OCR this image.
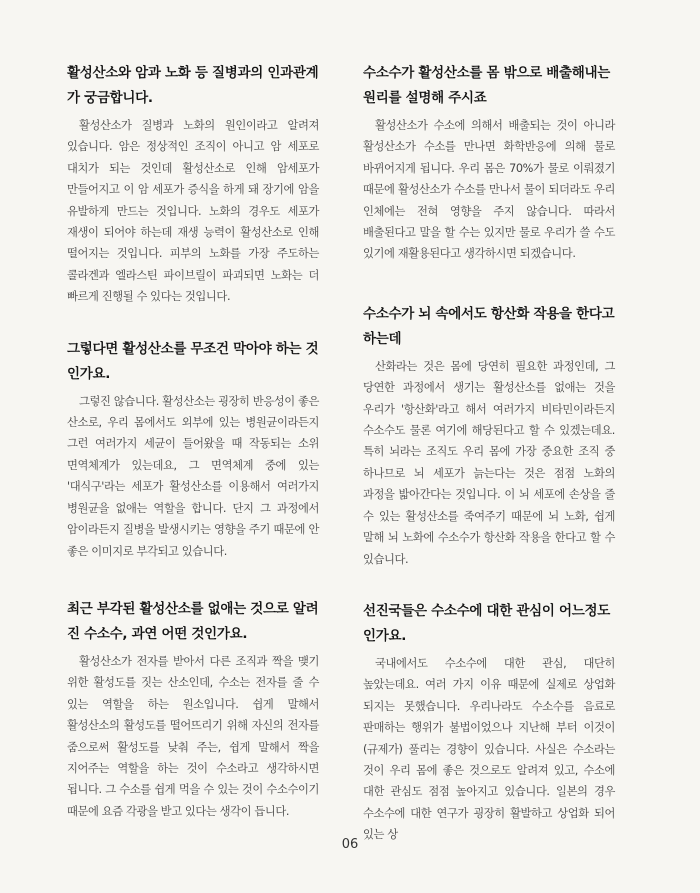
활성산소와 암과 노화 등 질병과의 인과관계가 궁금합니다.

활성산소가 질병과 노화의 원인이라고 알려져 있습니다. 암은 정상적인 조직이 아니고 암 세포로 대치가 되는 것인데 활성산소로 인해 암세포가 만들어지고 이 암 세포가 증식을 하게 돼 장기에 암을 유발하게 만드는 것입니다. 노화의 경우도 세포가 재생이 되어야 하는데 재생 능력이 활성산소로 인해 떨어지는 것입니다. 피부의 노화를 가장 주도하는 콜라겐과 엘라스틴 파이브릴이 파괴되면 노화는 더 빠르게 진행될 수 있다는 것입니다.

그렇다면 활성산소를 무조건 막아야 하는 것인가요.

그렇진 않습니다. 활성산소는 굉장히 반응성이 좋은 산소로, 우리 몸에서도 외부에 있는 병원균이라든지 그런 여러가지 세균이 들어왔을 때 작동되는 소위 면역체계가 있는데요, 그 면역체계 중에 있는 '대식구'라는 세포가 활성산소를 이용해서 여러가지 병원균을 없애는 역할을 합니다. 단지 그 과정에서 암이라든지 질병을 발생시키는 영향을 주기 때문에 안 좋은 이미지로 부각되고 있습니다.

최근 부각된 활성산소를 없애는 것으로 알려진 수소수, 과연 어떤 것인가요.

활성산소가 전자를 받아서 다른 조직과 짝을 맺기 위한 활성도를 짓는 산소인데, 수소는 전자를 줄 수 있는 역할을 하는 원소입니다. 쉽게 말해서 활성산소의 활성도를 떨어뜨리기 위해 자신의 전자를 줌으로써 활성도를 낮춰 주는, 쉽게 말해서 짝을 지어주는 역할을 하는 것이 수소라고 생각하시면 됩니다. 그 수소를 쉽게 먹을 수 있는 것이 수소수이기 때문에 요즘 각광을 받고 있다는 생각이 듭니다.

수소수가 활성산소를 몸 밖으로 배출해내는 원리를 설명해 주시죠

활성산소가 수소에 의해서 배출되는 것이 아니라 활성산소가 수소를 만나면 화학반응에 의해 물로 바뀌어지게 됩니다. 우리 몸은 70%가 물로 이뤄졌기 때문에 활성산소가 수소를 만나서 물이 되더라도 우리 인체에는 전혀 영향을 주지 않습니다. 따라서 배출된다고 말을 할 수는 있지만 물로 우리가 쓸 수도 있기에 재활용된다고 생각하시면 되겠습니다.

수소수가 뇌 속에서도 항산화 작용을 한다고 하는데

산화라는 것은 몸에 당연히 필요한 과정인데, 그 당연한 과정에서 생기는 활성산소를 없애는 것을 우리가 '항산화'라고 해서 여러가지 비타민이라든지 수소수도 물론 여기에 해당된다고 할 수 있겠는데요. 특히 뇌라는 조직도 우리 몸에 가장 중요한 조직 중 하나므로 뇌 세포가 늙는다는 것은 점점 노화의 과정을 밟아간다는 것입니다. 이 뇌 세포에 손상을 줄 수 있는 활성산소를 죽여주기 때문에 뇌 노화, 쉽게 말해 뇌 노화에 수소수가 항산화 작용을 한다고 할 수 있습니다.

선진국들은 수소수에 대한 관심이 어느정도인가요.

국내에서도 수소수에 대한 관심, 대단히 높았는데요. 여러 가지 이유 때문에 실제로 상업화 되지는 못했습니다. 우리나라도 수소수를 음료로 판매하는 행위가 불법이었으나 지난해 부터 이것이(규제가) 풀리는 경향이 있습니다. 사실은 수소라는 것이 우리 몸에 좋은 것으로도 알려져 있고, 수소에 대한 관심도 점점 높아지고 있습니다. 일본의 경우 수소수에 대한 연구가 굉장히 활발하고 상업화 되어 있는 상

06
